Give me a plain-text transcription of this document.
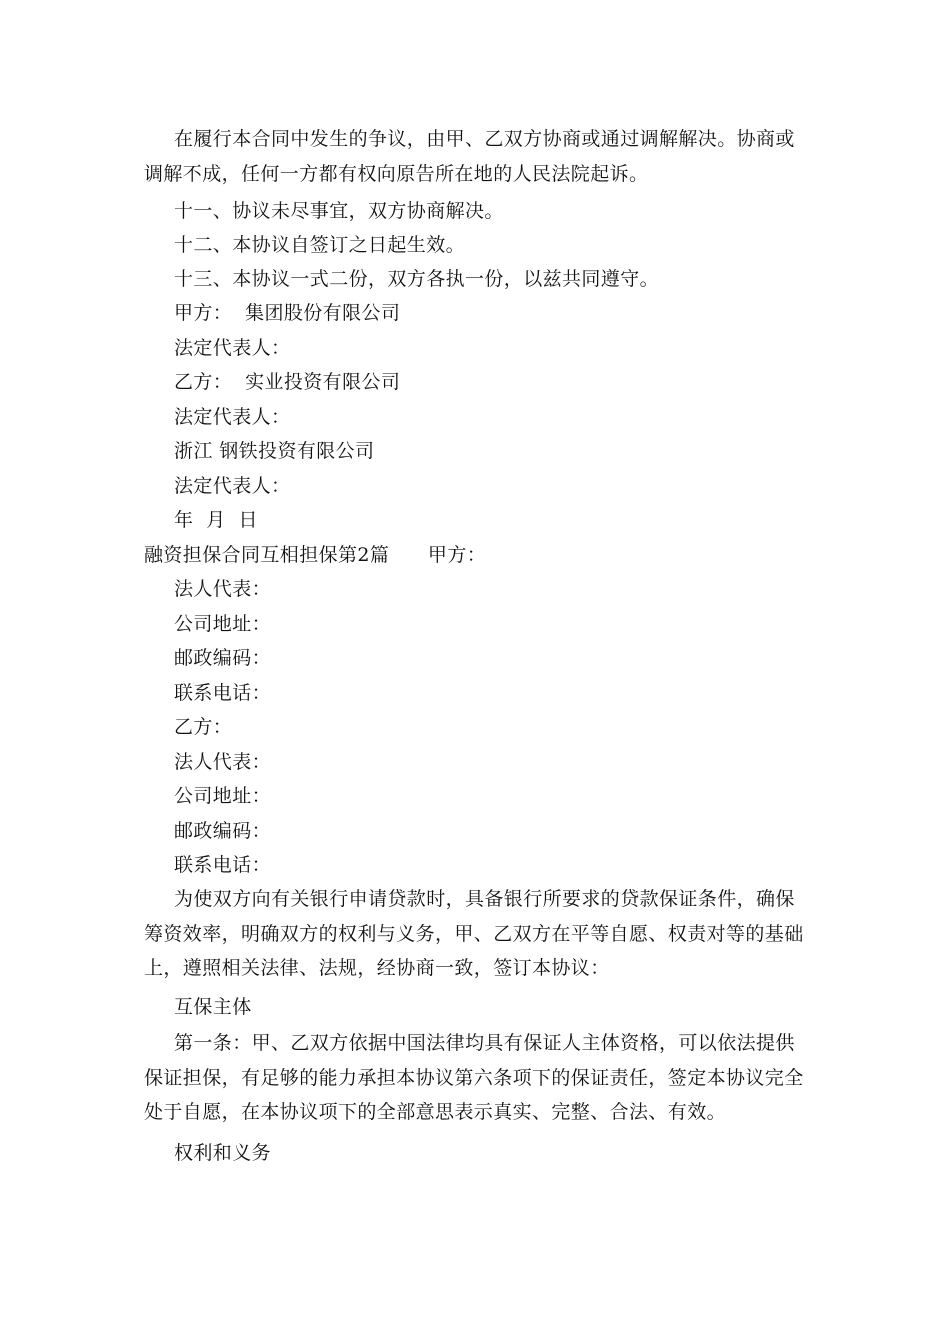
在履行本合同中发生的争议，由甲、乙双方协商或通过调解解决。协商或调解不成，任何一方都有权向原告所在地的人民法院起诉。
十一、协议未尽事宜，双方协商解决。
十二、本协议自签订之日起生效。
十三、本协议一式二份，双方各执一份，以兹共同遵守。
甲方：  集团股份有限公司
法定代表人：
乙方：  实业投资有限公司
法定代表人：
浙江 钢铁投资有限公司
法定代表人：
年  月  日
融资担保合同互相担保第2篇      甲方：
法人代表：
公司地址：
邮政编码：
联系电话：
乙方：
法人代表：
公司地址：
邮政编码：
联系电话：
为使双方向有关银行申请贷款时，具备银行所要求的贷款保证条件，确保筹资效率，明确双方的权利与义务，甲、乙双方在平等自愿、权责对等的基础上，遵照相关法律、法规，经协商一致，签订本协议：
互保主体
第一条：甲、乙双方依据中国法律均具有保证人主体资格，可以依法提供保证担保，有足够的能力承担本协议第六条项下的保证责任，签定本协议完全处于自愿，在本协议项下的全部意思表示真实、完整、合法、有效。
权利和义务
